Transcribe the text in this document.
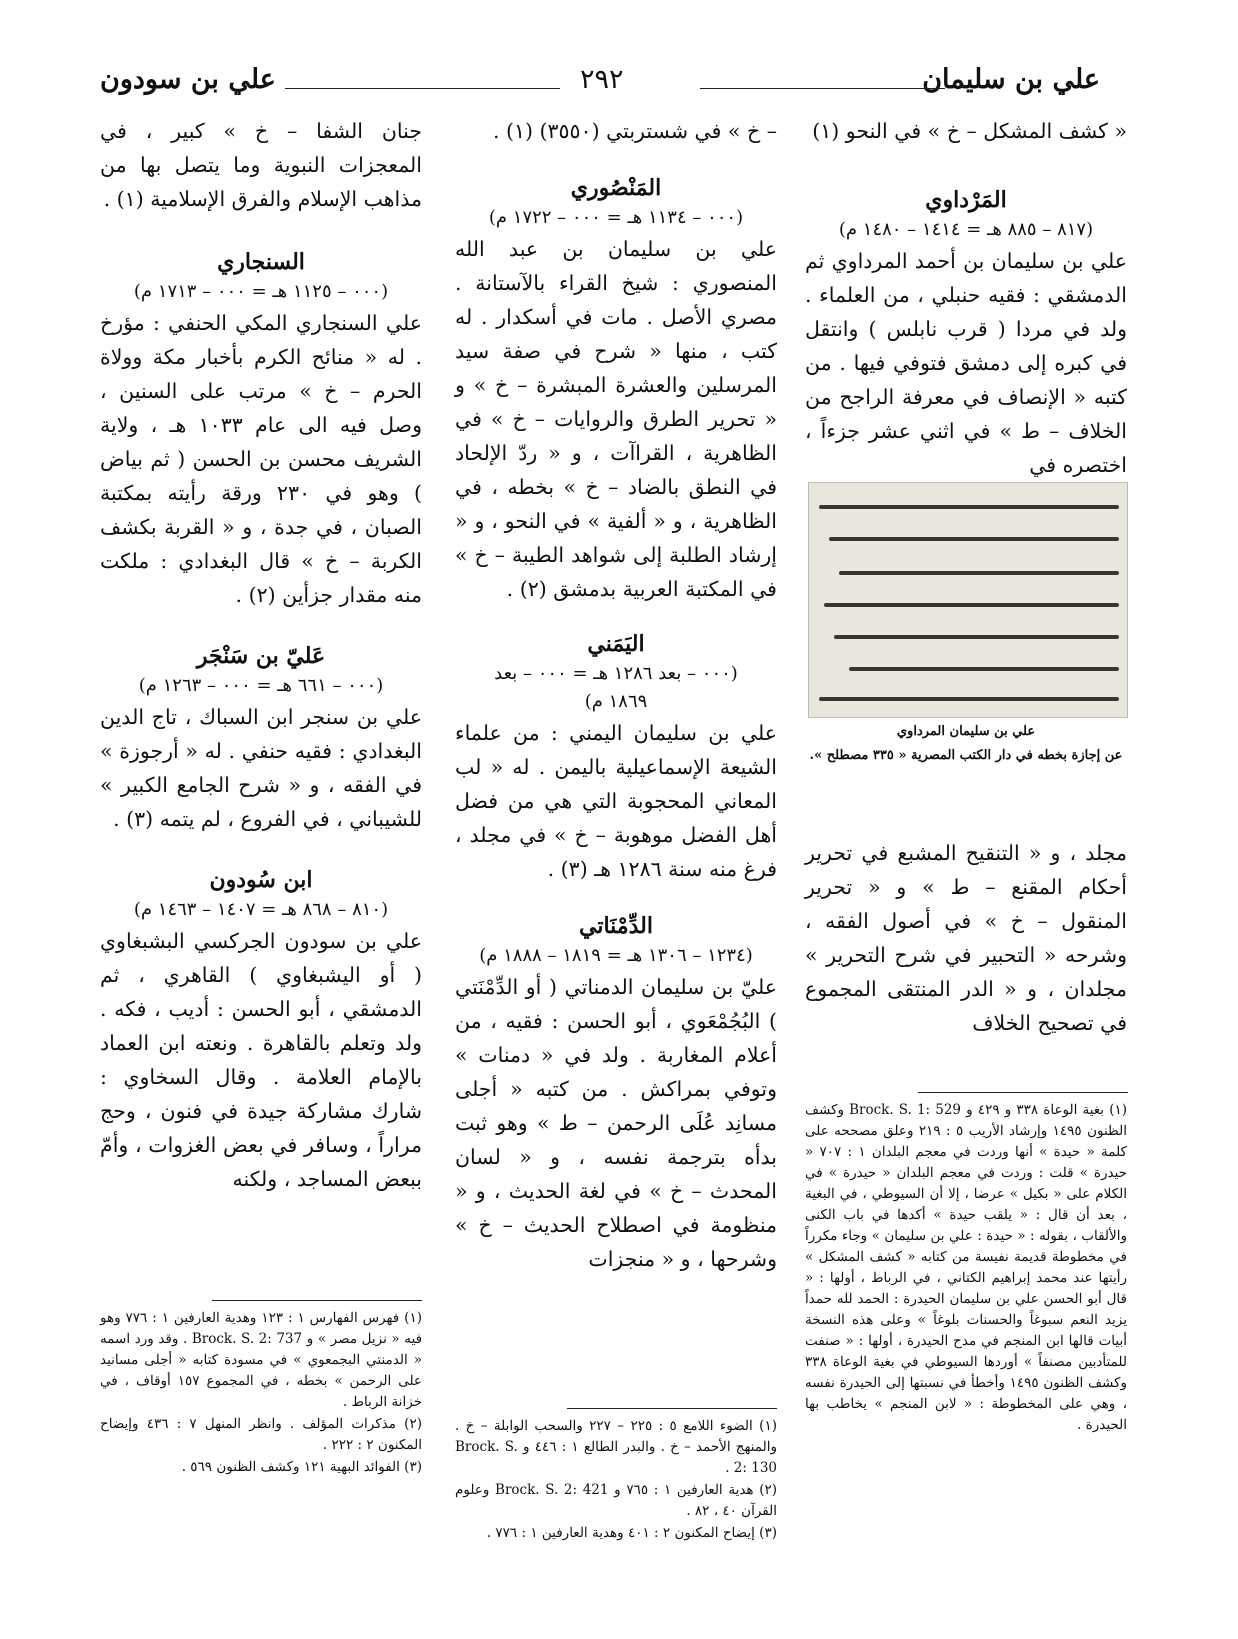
علي بن سليمان
٢٩٢
علي بن سودون

« كشف المشكل – خ » في النحو (١)

المَرْداوي

(٨١٧ – ٨٨٥ هـ = ١٤١٤ – ١٤٨٠ م)

علي بن سليمان بن أحمد المرداوي ثم الدمشقي : فقيه حنبلي ، من العلماء . ولد في مردا ( قرب نابلس ) وانتقل في كبره إلى دمشق فتوفي فيها . من كتبه « الإنصاف في معرفة الراجح من الخلاف – ط » في اثني عشر جزءاً ، اختصره في

علي بن سليمان المرداوي
عن إجازة بخطه في دار الكتب المصرية « ٣٣٥ مصطلح ».

مجلد ، و « التنقيح المشبع في تحرير أحكام المقنع – ط » و « تحرير المنقول – خ » في أصول الفقه ، وشرحه « التحبير في شرح التحرير » مجلدان ، و « الدر المنتقى المجموع في تصحيح الخلاف

(١) بغية الوعاة ٣٣٨ و ٤٢٩ و Brock. S. 1: 529 وكشف الظنون ١٤٩٥ وإرشاد الأريب ٥ : ٢١٩ وعلق مصححه على كلمة « حيدة » أنها وردت في معجم البلدان ١ : ٧٠٧ « حيدرة » قلت : وردت في معجم البلدان « حيدرة » في الكلام على « بكيل » عرضا ، إلا أن السيوطي ، في البغية ، بعد أن قال : « يلقب حيدة » أكدها في باب الكنى والألقاب ، بقوله : « حيدة : علي بن سليمان » وجاء مكرراً في مخطوطة قديمة نفيسة من كتابه « كشف المشكل » رأيتها عند محمد إبراهيم الكتاني ، في الرباط ، أولها : « قال أبو الحسن علي بن سليمان الحيدرة : الحمد لله حمداً يزيد النعم سبوغاً والحسنات بلوغاً » وعلى هذه النسخة أبيات قالها ابن المنجم في مدح الحيدرة ، أولها : « صنفت للمتأدبين مصنفاً » أوردها السيوطي في بغية الوعاة ٣٣٨ وكشف الظنون ١٤٩٥ وأخطأ في نسبتها إلى الحيدرة نفسه ، وهي على المخطوطة : « لابن المنجم » يخاطب بها الحيدرة .

– خ » في شستربتي (٣٥٥٠) (١) .

المَنْصُوري

(٠٠٠ – ١١٣٤ هـ = ٠٠٠ – ١٧٢٢ م)

علي بن سليمان بن عبد الله المنصوري : شيخ القراء بالآستانة . مصري الأصل . مات في أسكدار . له كتب ، منها « شرح في صفة سيد المرسلين والعشرة المبشرة – خ » و « تحرير الطرق والروايات – خ » في الظاهرية ، القراآت ، و « ردّ الإلحاد في النطق بالضاد – خ » بخطه ، في الظاهرية ، و « ألفية » في النحو ، و « إرشاد الطلبة إلى شواهد الطيبة – خ » في المكتبة العربية بدمشق (٢) .

اليَمَني

(٠٠٠ – بعد ١٢٨٦ هـ = ٠٠٠ – بعد

١٨٦٩ م)

علي بن سليمان اليمني : من علماء الشيعة الإسماعيلية باليمن . له « لب المعاني المحجوبة التي هي من فضل أهل الفضل موهوبة – خ » في مجلد ، فرغ منه سنة ١٢٨٦ هـ (٣) .

الدِّمْنَاتي

(١٢٣٤ – ١٣٠٦ هـ = ١٨١٩ – ١٨٨٨ م)

عليّ بن سليمان الدمناتي ( أو الدِّمْنَتي ) البُجُمْعَوي ، أبو الحسن : فقيه ، من أعلام المغاربة . ولد في « دمنات » وتوفي بمراكش . من كتبه « أجلى مسانِد عُلَى الرحمن – ط » وهو ثبت بدأه بترجمة نفسه ، و « لسان المحدث – خ » في لغة الحديث ، و « منظومة في اصطلاح الحديث – خ » وشرحها ، و « منجزات

(١) الضوء اللامع ٥ : ٢٢٥ – ٢٢٧ والسحب الوابلة – خ . والمنهج الأحمد – خ . والبدر الطالع ١ : ٤٤٦ و Brock. S. 2: 130 .

(٢) هدية العارفين ١ : ٧٦٥ و Brock. S. 2: 421 وعلوم القرآن ٤٠ ، ٨٢ .

(٣) إيضاح المكنون ٢ : ٤٠١ وهدية العارفين ١ : ٧٧٦ .

جنان الشفا – خ » كبير ، في المعجزات النبوية وما يتصل بها من مذاهب الإسلام والفرق الإسلامية (١) .

السنجاري

(٠٠٠ – ١١٢٥ هـ = ٠٠٠ – ١٧١٣ م)

علي السنجاري المكي الحنفي : مؤرخ . له « منائح الكرم بأخبار مكة وولاة الحرم – خ » مرتب على السنين ، وصل فيه الى عام ١٠٣٣ هـ ، ولاية الشريف محسن بن الحسن ( ثم بياض ) وهو في ٢٣٠ ورقة رأيته بمكتبة الصبان ، في جدة ، و « القربة بكشف الكربة – خ » قال البغدادي : ملكت منه مقدار جزأين (٢) .

عَليّ بن سَنْجَر

(٠٠٠ – ٦٦١ هـ = ٠٠٠ – ١٢٦٣ م)

علي بن سنجر ابن السباك ، تاج الدين البغدادي : فقيه حنفي . له « أرجوزة » في الفقه ، و « شرح الجامع الكبير » للشيباني ، في الفروع ، لم يتمه (٣) .

ابن سُودون

(٨١٠ – ٨٦٨ هـ = ١٤٠٧ – ١٤٦٣ م)

علي بن سودون الجركسي البشبغاوي ( أو اليشبغاوي ) القاهري ، ثم الدمشقي ، أبو الحسن : أديب ، فكه . ولد وتعلم بالقاهرة . ونعته ابن العماد بالإمام العلامة . وقال السخاوي : شارك مشاركة جيدة في فنون ، وحج مراراً ، وسافر في بعض الغزوات ، وأمّ ببعض المساجد ، ولكنه

(١) فهرس الفهارس ١ : ١٢٣ وهدية العارفين ١ : ٧٧٦ وهو فيه « نزيل مصر » و Brock. S. 2: 737 . وقد ورد اسمه « الدمنتي البجمعوي » في مسودة كتابه « أجلى مسانيد على الرحمن » بخطه ، في المجموع ١٥٧ أوقاف ، في خزانة الرباط .

(٢) مذكرات المؤلف . وانظر المنهل ٧ : ٤٣٦ وإيضاح المكنون ٢ : ٢٢٢ .

(٣) الفوائد البهية ١٢١ وكشف الظنون ٥٦٩ .
